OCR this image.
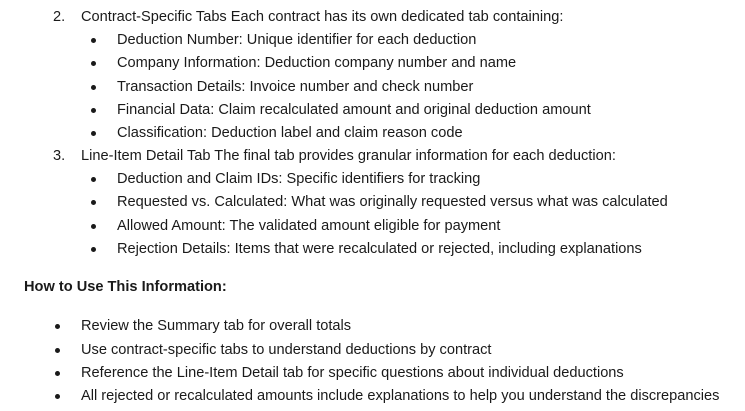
2. Contract-Specific Tabs Each contract has its own dedicated tab containing:
Deduction Number: Unique identifier for each deduction
Company Information: Deduction company number and name
Transaction Details: Invoice number and check number
Financial Data: Claim recalculated amount and original deduction amount
Classification: Deduction label and claim reason code
3. Line-Item Detail Tab The final tab provides granular information for each deduction:
Deduction and Claim IDs: Specific identifiers for tracking
Requested vs. Calculated: What was originally requested versus what was calculated
Allowed Amount: The validated amount eligible for payment
Rejection Details: Items that were recalculated or rejected, including explanations
How to Use This Information:
Review the Summary tab for overall totals
Use contract-specific tabs to understand deductions by contract
Reference the Line-Item Detail tab for specific questions about individual deductions
All rejected or recalculated amounts include explanations to help you understand the discrepancies
